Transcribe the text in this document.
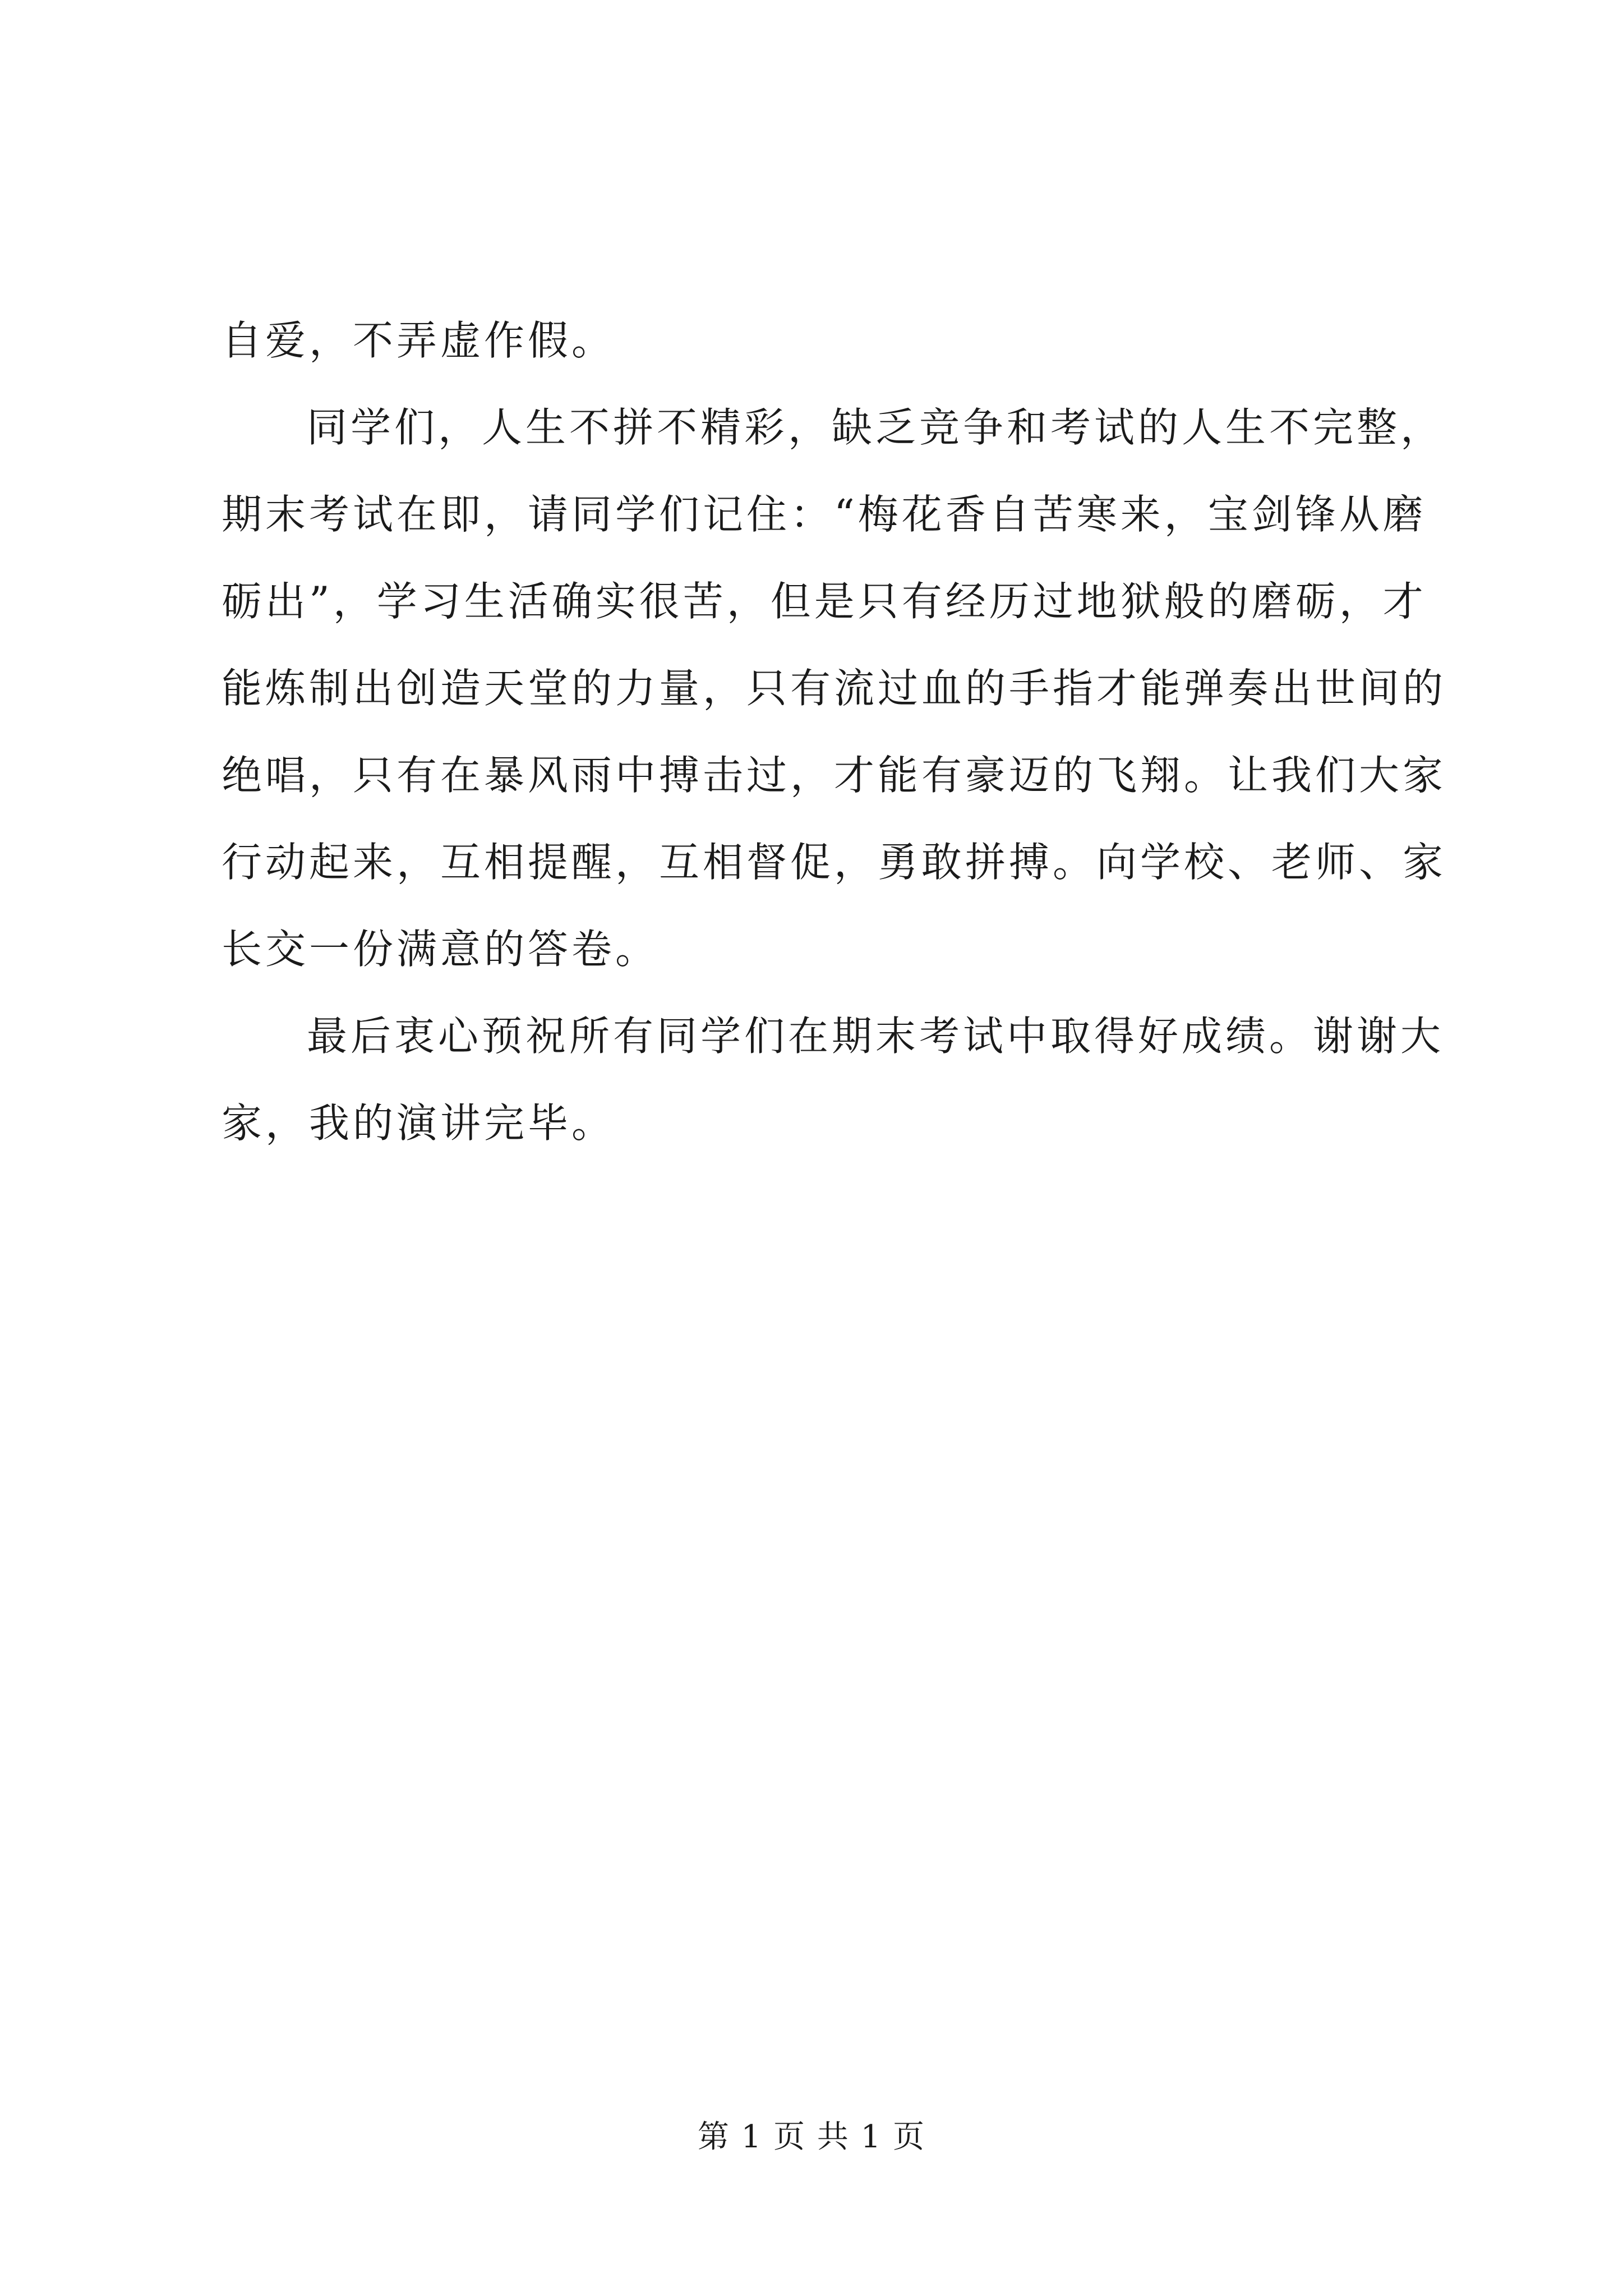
自爱，不弄虚作假。

同学们，人生不拼不精彩，缺乏竞争和考试的人生不完整，
期末考试在即，请同学们记住：“梅花香自苦寒来，宝剑锋从磨
砺出”，学习生活确实很苦，但是只有经历过地狱般的磨砺，才
能炼制出创造天堂的力量，只有流过血的手指才能弹奏出世间的
绝唱，只有在暴风雨中搏击过，才能有豪迈的飞翔。让我们大家
行动起来，互相提醒，互相督促，勇敢拼搏。向学校、老师、家
长交一份满意的答卷。

最后衷心预祝所有同学们在期末考试中取得好成绩。谢谢大
家，我的演讲完毕。

第 1 页 共 1 页
